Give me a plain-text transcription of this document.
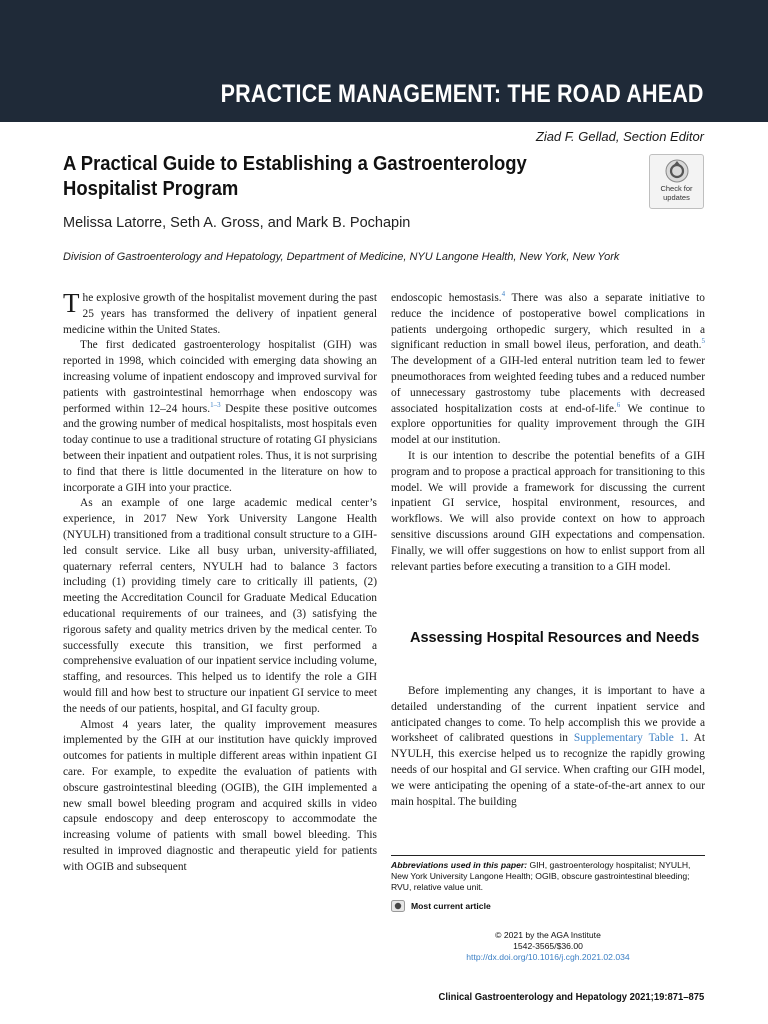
PRACTICE MANAGEMENT: THE ROAD AHEAD
Ziad F. Gellad, Section Editor
A Practical Guide to Establishing a Gastroenterology Hospitalist Program	Check for
updates
Melissa Latorre, Seth A. Gross, and Mark B. Pochapin
Division of Gastroenterology and Hepatology, Department of Medicine, NYU Langone Health, New York, New York

The explosive growth of the hospitalist movement during the past 25 years has transformed the delivery of inpatient general medicine within the United States.

The first dedicated gastroenterology hospitalist (GIH) was reported in 1998, which coincided with emerging data showing an increasing volume of inpatient endoscopy and improved survival for patients with gastrointestinal hemorrhage when endoscopy was performed within 12–24 hours.$^{1-3}$ Despite these positive outcomes and the growing number of medical hospitalists, most hospitals even today continue to use a traditional structure of rotating GI physicians between their inpatient and outpatient roles. Thus, it is not surprising to find that there is little documented in the literature on how to incorporate a GIH into your practice.

As an example of one large academic medical center’s experience, in 2017 New York University Langone Health (NYULH) transitioned from a traditional consult structure to a GIH-led consult service. Like all busy urban, university-affiliated, quaternary referral centers, NYULH had to balance 3 factors including (1) providing timely care to critically ill patients, (2) meeting the Accreditation Council for Graduate Medical Education educational requirements of our trainees, and (3) satisfying the rigorous safety and quality metrics driven by the medical center. To successfully execute this transition, we first performed a comprehensive evaluation of our inpatient service including volume, staffing, and resources. This helped us to identify the role a GIH would fill and how best to structure our inpatient GI service to meet the needs of our patients, hospital, and GI faculty group.

Almost 4 years later, the quality improvement measures implemented by the GIH at our institution have quickly improved outcomes for patients in multiple different areas within inpatient GI care. For example, to expedite the evaluation of patients with obscure gastrointestinal bleeding (OGIB), the GIH implemented a new small bowel bleeding program and acquired skills in video capsule endoscopy and deep enteroscopy to accommodate the increasing volume of patients with small bowel bleeding. This resulted in improved diagnostic and therapeutic yield for patients with OGIB and subsequent

endoscopic hemostasis.$^4$ There was also a separate initiative to reduce the incidence of postoperative bowel complications in patients undergoing orthopedic surgery, which resulted in a significant reduction in small bowel ileus, perforation, and death.$^5$ The development of a GIH-led enteral nutrition team led to fewer pneumothoraces from weighted feeding tubes and a reduced number of unnecessary gastrostomy tube placements with decreased associated hospitalization costs at end-of-life.$^6$ We continue to explore opportunities for quality improvement through the GIH model at our institution.

It is our intention to describe the potential benefits of a GIH program and to propose a practical approach for transitioning to this model. We will provide a framework for discussing the current inpatient GI service, hospital environment, resources, and workflows. We will also provide context on how to approach sensitive discussions around GIH expectations and compensation. Finally, we will offer suggestions on how to enlist support from all relevant parties before executing a transition to a GIH model.

Assessing Hospital Resources and Needs

Before implementing any changes, it is important to have a detailed understanding of the current inpatient service and anticipated changes to come. To help accomplish this we provide a worksheet of calibrated questions in Supplementary Table 1. At NYULH, this exercise helped us to recognize the rapidly growing needs of our hospital and GI service. When crafting our GIH model, we were anticipating the opening of a state-of-the-art annex to our main hospital. The building

Abbreviations used in this paper: GIH, gastroenterology hospitalist; NYULH, New York University Langone Health; OGIB, obscure gastrointestinal bleeding; RVU, relative value unit.
Most current article
© 2021 by the AGA Institute
1542-3565/$36.00
http://dx.doi.org/10.1016/j.cgh.2021.02.034
Clinical Gastroenterology and Hepatology 2021;19:871–875
